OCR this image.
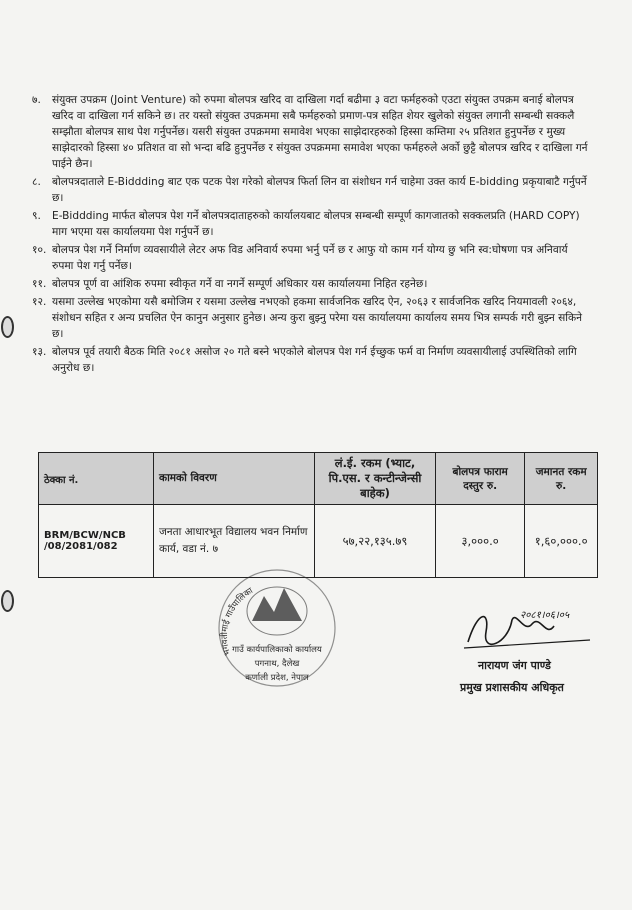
७. संयुक्त उपक्रम (Joint Venture) को रुपमा बोलपत्र खरिद वा दाखिला गर्दा बढीमा ३ वटा फर्महरुको एउटा संयुक्त उपक्रम बनाई बोलपत्र खरिद वा दाखिला गर्न सकिने छ। तर यस्तो संयुक्त उपक्रममा सबै फर्महरुको प्रमाण-पत्र सहित शेयर खुलेको संयुक्त लगानी सम्बन्धी सक्कलै सम्झौता बोलपत्र साथ पेश गर्नुपर्नेछ। यसरी संयुक्त उपक्रममा समावेश भएका साझेदारहरुको हिस्सा कम्तिमा २५ प्रतिशत हुनुपर्नेछ र मुख्य साझेदारको हिस्सा ४० प्रतिशत वा सो भन्दा बढि हुनुपर्नेछ र संयुक्त उपक्रममा समावेश भएका फर्महरुले अर्को छुट्टै बोलपत्र खरिद र दाखिला गर्न पाईने छैन।
८. बोलपत्रदाताले E-Biddding बाट एक पटक पेश गरेको बोलपत्र फिर्ता लिन वा संशोधन गर्न चाहेमा उक्त कार्य E-bidding प्रकृयाबाटै गर्नुपर्ने छ।
९. E-Biddding मार्फत बोलपत्र पेश गर्ने बोलपत्रदाताहरुको कार्यालयबाट बोलपत्र सम्बन्धी सम्पूर्ण कागजातको सक्कलप्रति (HARD COPY) माग भएमा यस कार्यालयमा पेश गर्नुपर्ने छ।
१०. बोलपत्र पेश गर्ने निर्माण व्यवसायीले लेटर अफ विड अनिवार्य रुपमा भर्नु पर्ने छ र आफु यो काम गर्न योग्य छु भनि स्व:घोषणा पत्र अनिवार्य रुपमा पेश गर्नु पर्नेछ।
११. बोलपत्र पूर्ण वा आंशिक रुपमा स्वीकृत गर्ने वा नगर्ने सम्पूर्ण अधिकार यस कार्यालयमा निहित रहनेछ।
१२. यसमा उल्लेख भएकोमा यसै बमोजिम र यसमा उल्लेख नभएको हकमा सार्वजनिक खरिद ऐन, २०६३ र सार्वजनिक खरिद नियमावली २०६४, संशोधन सहित र अन्य प्रचलित ऐन कानुन अनुसार हुनेछ। अन्य कुरा बुझ्नु परेमा यस कार्यालयमा कार्यालय समय भित्र सम्पर्क गरी बुझ्न सकिने छ।
१३. बोलपत्र पूर्व तयारी बैठक मिति २०८१ असोज २० गते बस्ने भएकोले बोलपत्र पेश गर्न ईच्छुक फर्म वा निर्माण व्यवसायीलाई उपस्थितिको लागि अनुरोध छ।
ठेक्का नं.	कामको विवरण	लं.ई. रकम (भ्याट, पि.एस. र कन्टीन्जेन्सी बाहेक)	बोलपत्र फाराम दस्तुर रु.	जमानत रकम रु.
BRM/BCW/NCB /08/2081/082	जनता आधारभूत विद्यालय भवन निर्माण कार्य, वडा नं. ७	५७,२२,१३५.७९	३,०००.०	१,६०,०००.०
भगवतीमाई गाउँपालिका
गाउँ कार्यपालिकाको कार्यालय
पगनाथ, दैलेख
कर्णाली प्रदेश, नेपाल
२०८१।०६।०५
नारायण जंग पाण्डे
प्रमुख प्रशासकीय अधिकृत
